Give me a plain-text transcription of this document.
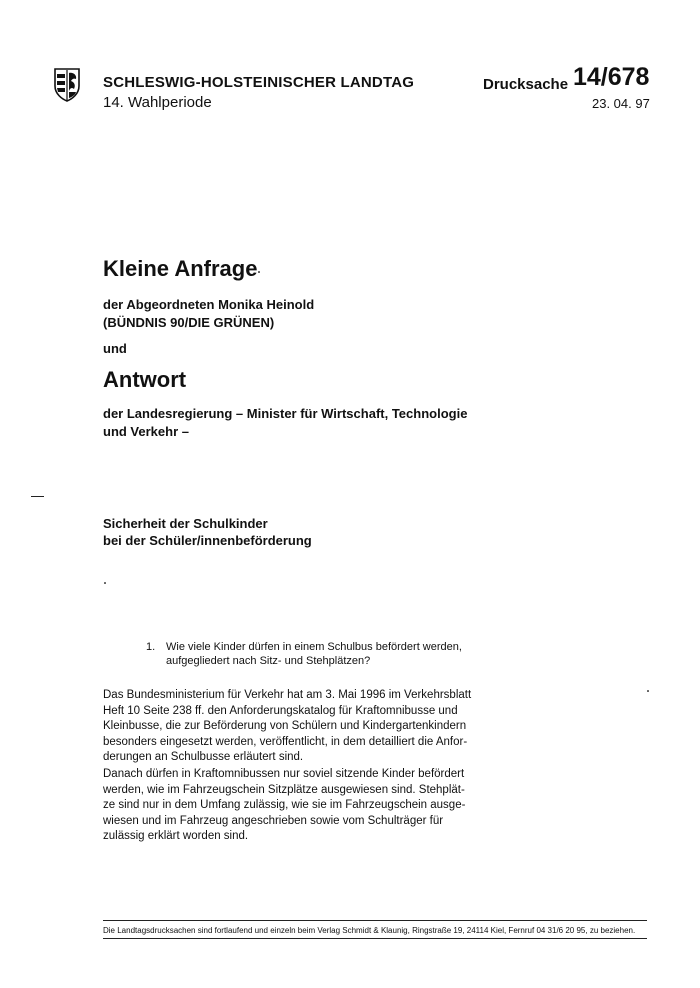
SCHLESWIG-HOLSTEINISCHER LANDTAG
14. Wahlperiode
Drucksache 14/678
23. 04. 97
Kleine Anfrage
der Abgeordneten Monika Heinold
(BÜNDNIS 90/DIE GRÜNEN)
und
Antwort
der Landesregierung – Minister für Wirtschaft, Technologie
und Verkehr –
Sicherheit der Schulkinder
bei der Schüler/innenbeförderung
1. Wie viele Kinder dürfen in einem Schulbus befördert werden,
aufgegliedert nach Sitz- und Stehplätzen?
Das Bundesministerium für Verkehr hat am 3. Mai 1996 im Verkehrsblatt
Heft 10 Seite 238 ff. den Anforderungskatalog für Kraftomnibusse und
Kleinbusse, die zur Beförderung von Schülern und Kindergartenkindern
besonders eingesetzt werden, veröffentlicht, in dem detailliert die Anfor-
derungen an Schulbusse erläutert sind.
Danach dürfen in Kraftomnibussen nur soviel sitzende Kinder befördert
werden, wie im Fahrzeugschein Sitzplätze ausgewiesen sind. Stehplät-
ze sind nur in dem Umfang zulässig, wie sie im Fahrzeugschein ausge-
wiesen und im Fahrzeug angeschrieben sowie vom Schulträger für
zulässig erklärt worden sind.
Die Landtagsdrucksachen sind fortlaufend und einzeln beim Verlag Schmidt & Klaunig, Ringstraße 19, 24114 Kiel, Fernruf 04 31/6 20 95, zu beziehen.
